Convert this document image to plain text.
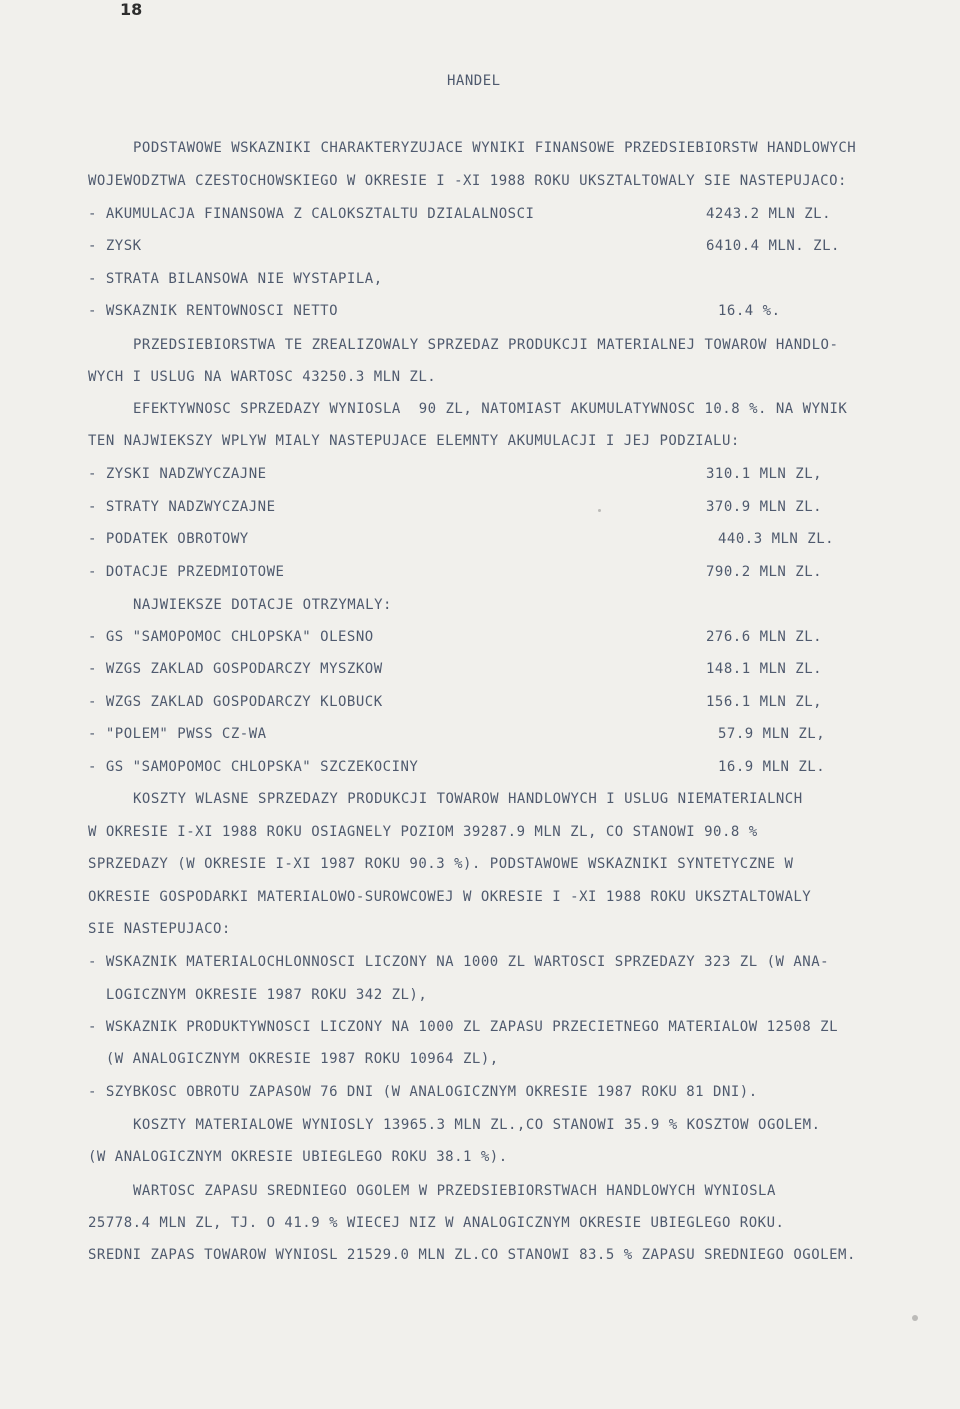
18
HANDEL
PODSTAWOWE WSKAZNIKI CHARAKTERYZUJACE WYNIKI FINANSOWE PRZEDSIEBIORSTW HANDLOWYCH
WOJEWODZTWA CZESTOCHOWSKIEGO W OKRESIE I -XI 1988 ROKU UKSZTALTOWALY SIE NASTEPUJACO:
- AKUMULACJA FINANSOWA Z CALOKSZTALTU DZIALALNOSCI	4243.2 MLN ZL.
- ZYSK	6410.4 MLN. ZL.
- STRATA BILANSOWA NIE WYSTAPILA,
- WSKAZNIK RENTOWNOSCI NETTO	16.4 %.
PRZEDSIEBIORSTWA TE ZREALIZOWALY SPRZEDAZ PRODUKCJI MATERIALNEJ TOWAROW HANDLO-
WYCH I USLUG NA WARTOSC 43250.3 MLN ZL.
EFEKTYWNOSC SPRZEDAZY WYNIOSLA  90 ZL, NATOMIAST AKUMULATYWNOSC 10.8 %. NA WYNIK
TEN NAJWIEKSZY WPLYW MIALY NASTEPUJACE ELEMNTY AKUMULACJI I JEJ PODZIALU:
- ZYSKI NADZWYCZAJNE	310.1 MLN ZL,
- STRATY NADZWYCZAJNE	370.9 MLN ZL.
- PODATEK OBROTOWY	440.3 MLN ZL.
- DOTACJE PRZEDMIOTOWE	790.2 MLN ZL.
NAJWIEKSZE DOTACJE OTRZYMALY:
- GS "SAMOPOMOC CHLOPSKA" OLESNO	276.6 MLN ZL.
- WZGS ZAKLAD GOSPODARCZY MYSZKOW	148.1 MLN ZL.
- WZGS ZAKLAD GOSPODARCZY KLOBUCK	156.1 MLN ZL,
- "POLEM" PWSS CZ-WA	57.9 MLN ZL,
- GS "SAMOPOMOC CHLOPSKA" SZCZEKOCINY	16.9 MLN ZL.
KOSZTY WLASNE SPRZEDAZY PRODUKCJI TOWAROW HANDLOWYCH I USLUG NIEMATERIALNCH
W OKRESIE I-XI 1988 ROKU OSIAGNELY POZIOM 39287.9 MLN ZL, CO STANOWI 90.8 %
SPRZEDAZY (W OKRESIE I-XI 1987 ROKU 90.3 %). PODSTAWOWE WSKAZNIKI SYNTETYCZNE W
OKRESIE GOSPODARKI MATERIALOWO-SUROWCOWEJ W OKRESIE I -XI 1988 ROKU UKSZTALTOWALY
SIE NASTEPUJACO:
- WSKAZNIK MATERIALOCHLONNOSCI LICZONY NA 1000 ZL WARTOSCI SPRZEDAZY 323 ZL (W ANA-
LOGICZNYM OKRESIE 1987 ROKU 342 ZL),
- WSKAZNIK PRODUKTYWNOSCI LICZONY NA 1000 ZL ZAPASU PRZECIETNEGO MATERIALOW 12508 ZL
(W ANALOGICZNYM OKRESIE 1987 ROKU 10964 ZL),
- SZYBKOSC OBROTU ZAPASOW 76 DNI (W ANALOGICZNYM OKRESIE 1987 ROKU 81 DNI).
KOSZTY MATERIALOWE WYNIOSLY 13965.3 MLN ZL.,CO STANOWI 35.9 % KOSZTOW OGOLEM.
(W ANALOGICZNYM OKRESIE UBIEGLEGO ROKU 38.1 %).
WARTOSC ZAPASU SREDNIEGO OGOLEM W PRZEDSIEBIORSTWACH HANDLOWYCH WYNIOSLA
25778.4 MLN ZL, TJ. O 41.9 % WIECEJ NIZ W ANALOGICZNYM OKRESIE UBIEGLEGO ROKU.
SREDNI ZAPAS TOWAROW WYNIOSL 21529.0 MLN ZL.CO STANOWI 83.5 % ZAPASU SREDNIEGO OGOLEM.
